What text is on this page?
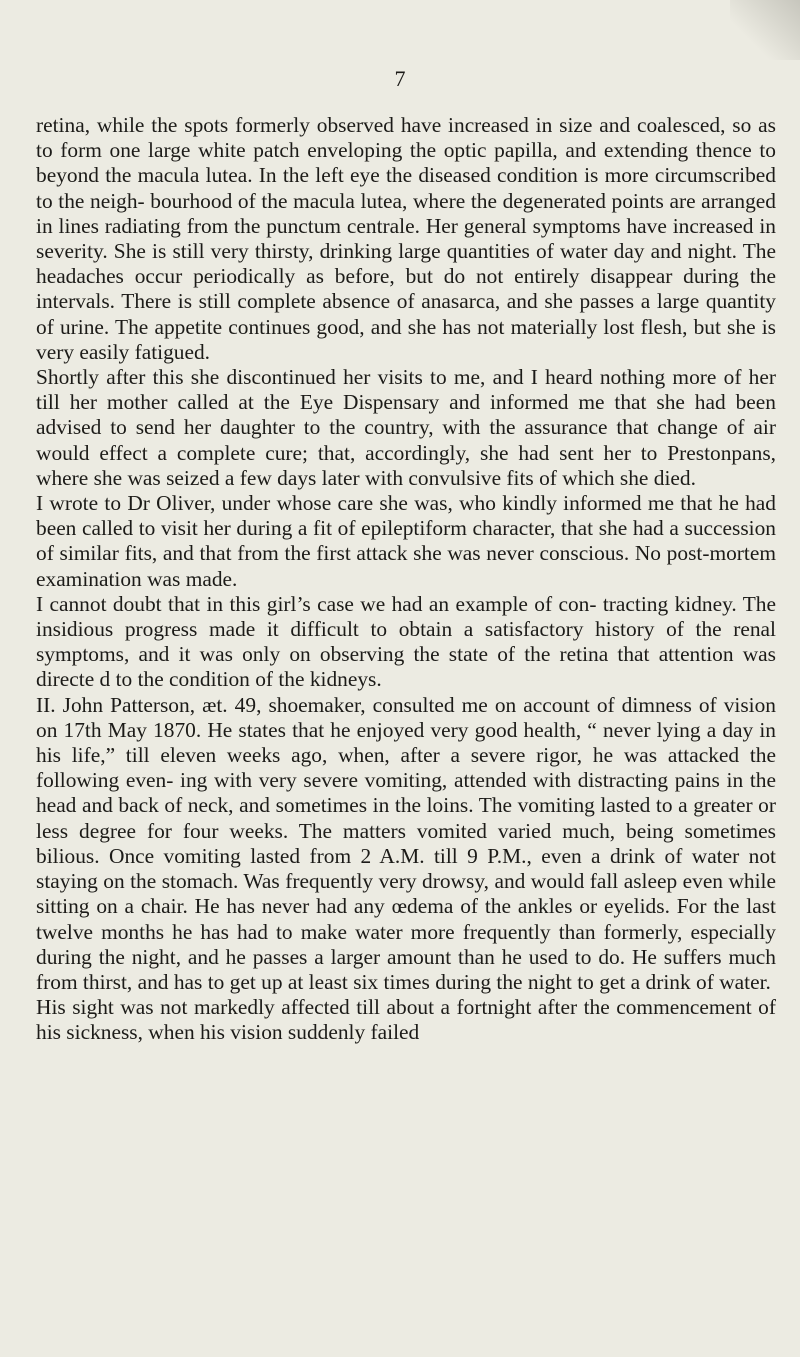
7

retina, while the spots formerly observed have increased in size and coalesced, so as to form one large white patch enveloping the optic papilla, and extending thence to beyond the macula lutea. In the left eye the diseased condition is more circumscribed to the neigh- bourhood of the macula lutea, where the degenerated points are arranged in lines radiating from the punctum centrale. Her general symptoms have increased in severity. She is still very thirsty, drinking large quantities of water day and night. The headaches occur periodically as before, but do not entirely disappear during the intervals. There is still complete absence of anasarca, and she passes a large quantity of urine. The appetite continues good, and she has not materially lost flesh, but she is very easily fatigued.

Shortly after this she discontinued her visits to me, and I heard nothing more of her till her mother called at the Eye Dispensary and informed me that she had been advised to send her daughter to the country, with the assurance that change of air would effect a complete cure; that, accordingly, she had sent her to Prestonpans, where she was seized a few days later with convulsive fits of which she died.

I wrote to Dr Oliver, under whose care she was, who kindly informed me that he had been called to visit her during a fit of epileptiform character, that she had a succession of similar fits, and that from the first attack she was never conscious. No post-mortem examination was made.

I cannot doubt that in this girl’s case we had an example of con- tracting kidney. The insidious progress made it difficult to obtain a satisfactory history of the renal symptoms, and it was only on observing the state of the retina that attention was directe d to the condition of the kidneys.

II. John Patterson, æt. 49, shoemaker, consulted me on account of dimness of vision on 17th May 1870. He states that he enjoyed very good health, “ never lying a day in his life,” till eleven weeks ago, when, after a severe rigor, he was attacked the following even- ing with very severe vomiting, attended with distracting pains in the head and back of neck, and sometimes in the loins. The vomiting lasted to a greater or less degree for four weeks. The matters vomited varied much, being sometimes bilious. Once vomiting lasted from 2 A.M. till 9 P.M., even a drink of water not staying on the stomach. Was frequently very drowsy, and would fall asleep even while sitting on a chair. He has never had any œdema of the ankles or eyelids. For the last twelve months he has had to make water more frequently than formerly, especially during the night, and he passes a larger amount than he used to do. He suffers much from thirst, and has to get up at least six times during the night to get a drink of water.

His sight was not markedly affected till about a fortnight after the commencement of his sickness, when his vision suddenly failed
